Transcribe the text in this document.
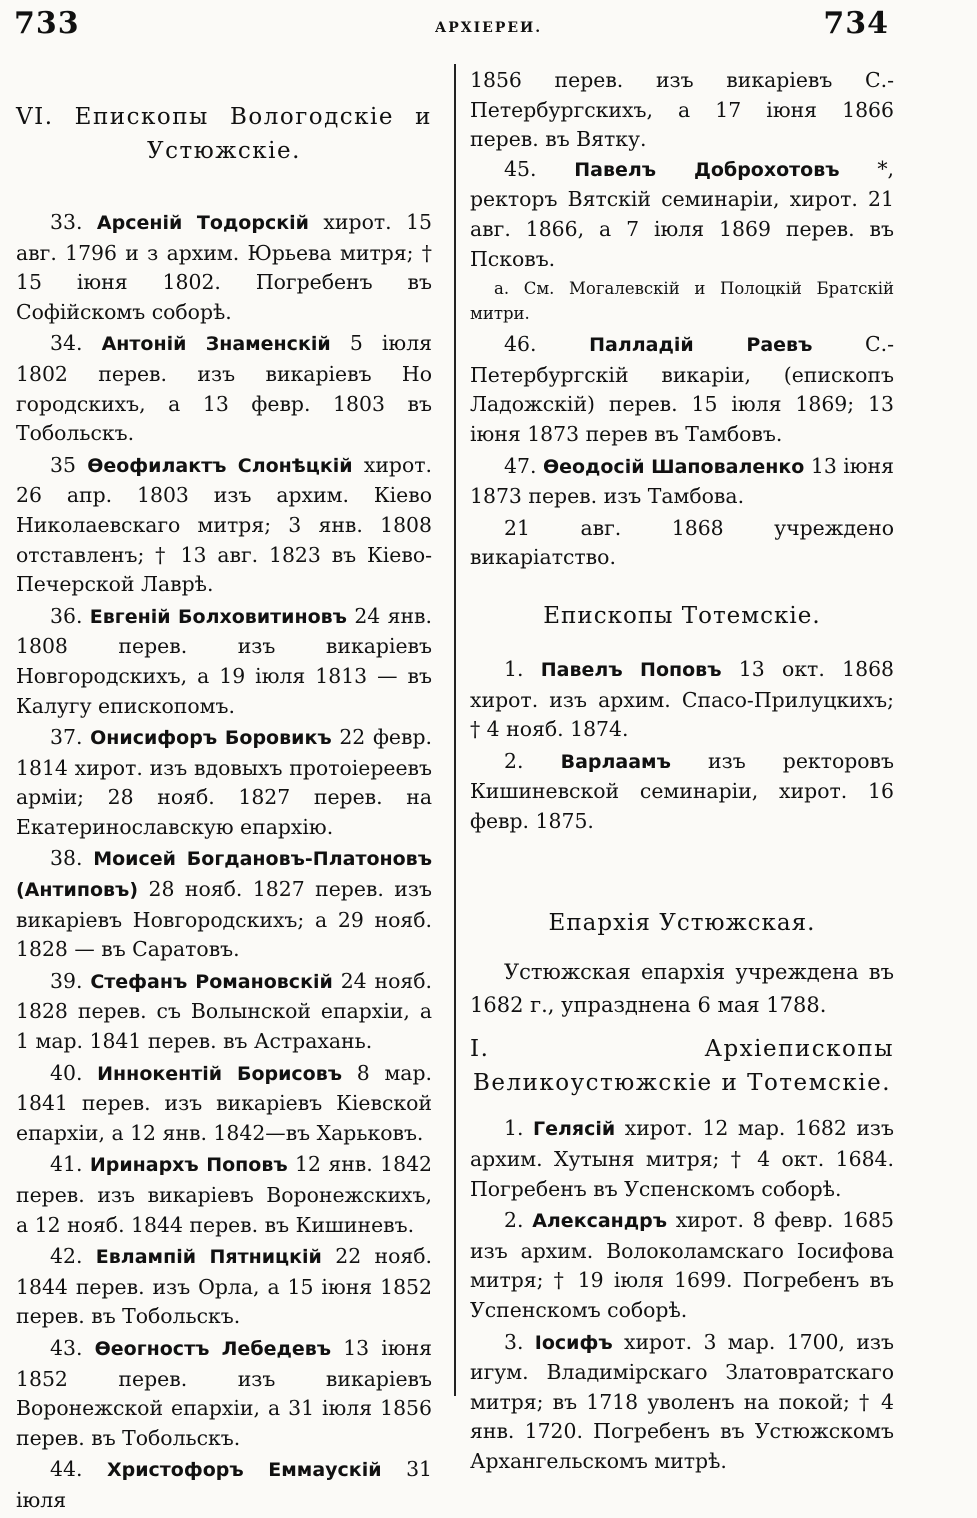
733	АРХІЕРЕИ.	734

VI. Епископы Вологодскіе и Устюжскіе.

33. Арсеній Тодорскій хирот. 15 авг. 1796 и з архим. Юрьева митря; † 15 іюня 1802. Погребенъ въ Софійскомъ соборѣ.

34. Антоній Знаменскій 5 іюля 1802 перев. изъ викаріевъ Но городскихъ, а 13 февр. 1803 въ Тобольскъ.

35 Ѳеофилактъ Слонѣцкій хирот. 26 апр. 1803 изъ архим. Кіево Николаевскаго митря; 3 янв. 1808 отставленъ; † 13 авг. 1823 въ Кіево-Печерской Лаврѣ.

36. Евгеній Болховитиновъ 24 янв. 1808 перев. изъ викаріевъ Новгородскихъ, а 19 іюля 1813 — въ Калугу епископомъ.

37. Онисифоръ Боровикъ 22 февр. 1814 хирот. изъ вдовыхъ протоіереевъ арміи; 28 нояб. 1827 перев. на Екатеринославскую епархію.

38. Моисей Богдановъ-Платоновъ (Антиповъ) 28 нояб. 1827 перев. изъ викаріевъ Новгородскихъ; а 29 нояб. 1828 — въ Саратовъ.

39. Стефанъ Романовскій 24 нояб. 1828 перев. съ Волынской епархіи, а 1 мар. 1841 перев. въ Астрахань.

40. Иннокентій Борисовъ 8 мар. 1841 перев. изъ викаріевъ Кіевской епархіи, а 12 янв. 1842—въ Харьковъ.

41. Иринархъ Поповъ 12 янв. 1842 перев. изъ викаріевъ Воронежскихъ, а 12 нояб. 1844 перев. въ Кишиневъ.

42. Евлампій Пятницкій 22 нояб. 1844 перев. изъ Орла, а 15 іюня 1852 перев. въ Тобольскъ.

43. Ѳеогностъ Лебедевъ 13 іюня 1852 перев. изъ викаріевъ Воронежской епархіи, а 31 іюля 1856 перев. въ Тобольскъ.

44. Христофоръ Еммаускій 31 іюля

1856 перев. изъ викаріевъ С.-Петербургскихъ, а 17 іюня 1866 перев. въ Вятку.

45. Павелъ Доброхотовъ *, ректоръ Вятскій семинаріи, хирот. 21 авг. 1866, а 7 іюля 1869 перев. въ Псковъ.

а. См. Могалевскій и Полоцкій Братскій митри.

46.	Палладій Раевъ	С.-Петербургскій викаріи, (епископъ Ладожскій) перев. 15 іюля 1869; 13 іюня 1873 перев въ Тамбовъ.

47. Ѳеодосій Шаповаленко 13 іюня 1873 перев. изъ Тамбова.

21 авг. 1868 учреждено викаріатство.

Епископы Тотемскіе.

1. Павелъ Поповъ 13 окт. 1868 хирот. изъ архим. Спасо-Прилуцкихъ; † 4 нояб. 1874.

2. Варлаамъ изъ ректоровъ Кишиневской семинаріи, хирот. 16 февр. 1875.

Епархія Устюжская.

Устюжская епархія учреждена въ 1682 г., упразднена 6 мая 1788.

I. Архіепископы Великоустюжскіе и Тотемскіе.

1. Гелясій хирот. 12 мар. 1682 изъ архим. Хутыня митря; † 4 окт. 1684. Погребенъ въ Успенскомъ соборѣ.

2. Александръ хирот. 8 февр. 1685 изъ архим. Волоколамскаго Іосифова митря; † 19 іюля 1699. Погребенъ въ Успенскомъ соборѣ.

3. Іосифъ хирот. 3 мар. 1700, изъ игум. Владимірскаго Златовратскаго митря; въ 1718 уволенъ на покой; † 4 янв. 1720. Погребенъ въ Устюжскомъ Архангельскомъ митрѣ.
